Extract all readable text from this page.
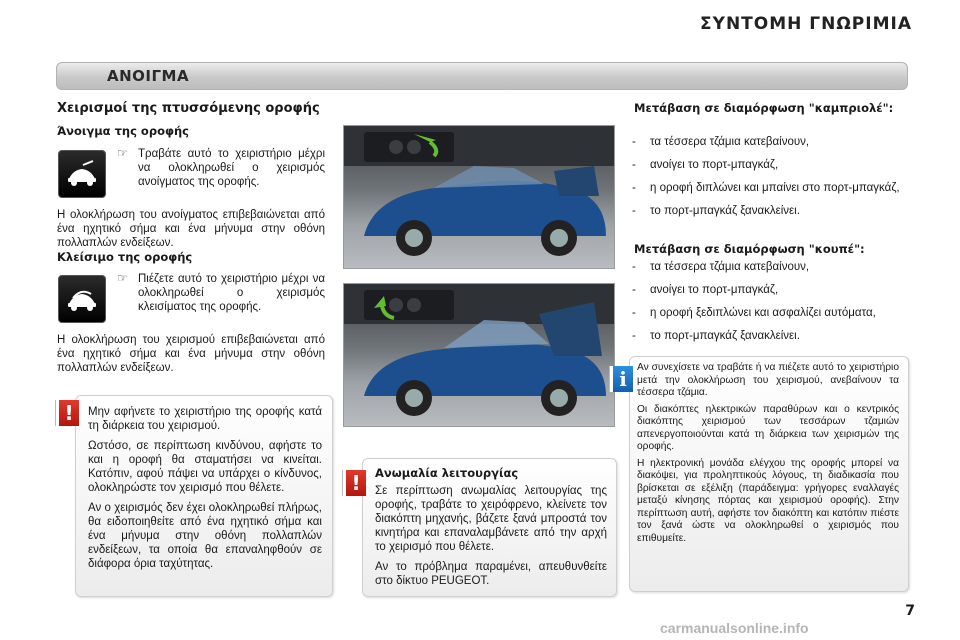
ΣΥΝΤΟΜΗ ΓΝΩΡΙΜΙΑ
ΑΝΟΙΓΜΑ
Χειρισμοί της πτυσσόμενης οροφής
Άνοιγμα της οροφής
☞ Τραβάτε αυτό το χειριστήριο μέχρι να ολοκληρωθεί ο χειρισμός ανοίγματος της οροφής.
Η ολοκλήρωση του ανοίγματος επιβεβαιώνεται από ένα ηχητικό σήμα και ένα μήνυμα στην οθόνη πολλαπλών ενδείξεων.
Κλείσιμο της οροφής
☞ Πιέζετε αυτό το χειριστήριο μέχρι να ολοκληρωθεί ο χειρισμός κλεισίματος της οροφής.
Η ολοκλήρωση του χειρισμού επιβεβαιώνεται από ένα ηχητικό σήμα και ένα μήνυμα στην οθόνη πολλαπλών ενδείξεων.
Μετάβαση σε διαμόρφωση "καμπριολέ":
- τα τέσσερα τζάμια κατεβαίνουν,
- ανοίγει το πορτ-μπαγκάζ,
- η οροφή διπλώνει και μπαίνει στο πορτ-μπαγκάζ,
- το πορτ-μπαγκάζ ξανακλείνει.
Μετάβαση σε διαμόρφωση "κουπέ":
- τα τέσσερα τζάμια κατεβαίνουν,
- ανοίγει το πορτ-μπαγκάζ,
- η οροφή ξεδιπλώνει και ασφαλίζει αυτόματα,
- το πορτ-μπαγκάζ ξανακλείνει.
!	Μην αφήνετε το χειριστήριο της οροφής κατά τη διάρκεια του χειρισμού.

Ωστόσο, σε περίπτωση κινδύνου, αφήστε το και η οροφή θα σταματήσει να κινείται. Κατόπιν, αφού πάψει να υπάρχει ο κίνδυνος, ολοκληρώστε τον χειρισμό που θέλετε.

Αν ο χειρισμός δεν έχει ολοκληρωθεί πλήρως, θα ειδοποιηθείτε από ένα ηχητικό σήμα και ένα μήνυμα στην οθόνη πολλαπλών ενδείξεων, τα οποία θα επαναληφθούν σε διάφορα όρια ταχύτητας.

!	Ανωμαλία λειτουργίας

Σε περίπτωση ανωμαλίας λειτουργίας της οροφής, τραβάτε το χειρόφρενο, κλείνετε τον διακόπτη μηχανής, βάζετε ξανά μπροστά τον κινητήρα και επαναλαμβάνετε από την αρχή το χειρισμό που θέλετε.

Αν το πρόβλημα παραμένει, απευθυνθείτε στο δίκτυο PEUGEOT.

i	Αν συνεχίσετε να τραβάτε ή να πιέζετε αυτό το χειριστήριο μετά την ολοκλήρωση του χειρισμού, ανεβαίνουν τα τέσσερα τζάμια.

Οι διακόπτες ηλεκτρικών παραθύρων και ο κεντρικός διακόπτης χειρισμού των τεσσάρων τζαμιών απενεργοποιούνται κατά τη διάρκεια των χειρισμών της οροφής.

Η ηλεκτρονική μονάδα ελέγχου της οροφής μπορεί να διακόψει, για προληπτικούς λόγους, τη διαδικασία που βρίσκεται σε εξέλιξη (παράδειγμα: γρήγορες εναλλαγές μεταξύ κίνησης πόρτας και χειρισμού οροφής). Στην περίπτωση αυτή, αφήστε τον διακόπτη και κατόπιν πιέστε τον ξανά ώστε να ολοκληρωθεί ο χειρισμός που επιθυμείτε.

7
carmanualsonline.info
